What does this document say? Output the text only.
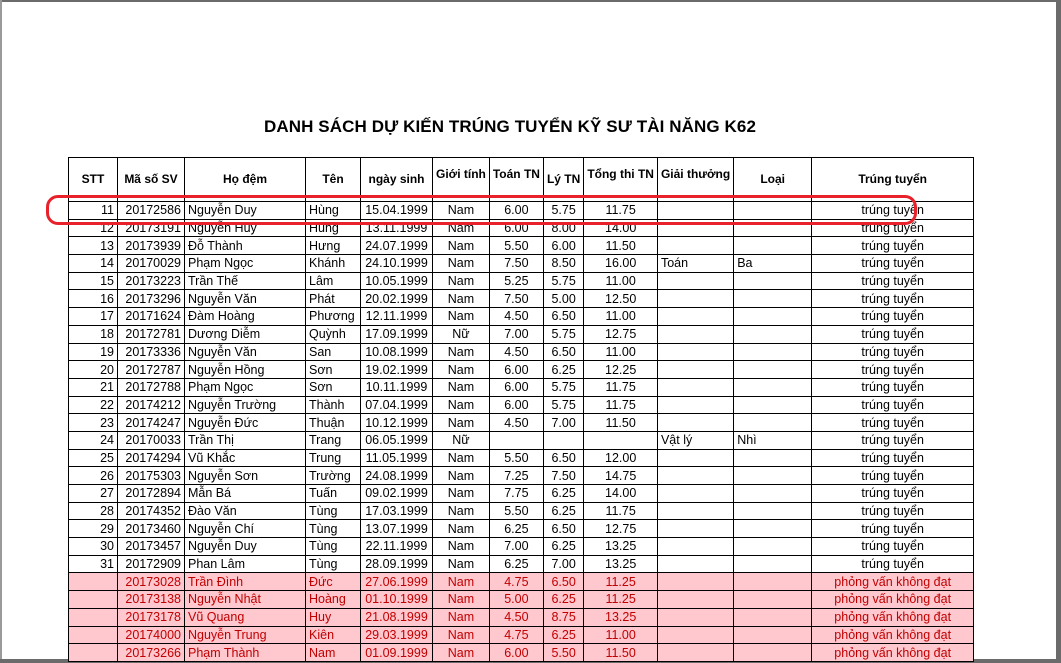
DANH SÁCH DỰ KIẾN TRÚNG TUYỂN KỸ SƯ TÀI NĂNG K62
STT	Mã số SV	Họ đệm	Tên	ngày sinh	Giới tính	Toán TN	Lý TN	Tổng thi TN	Giải thưởng	Loại	Trúng tuyển
11	20172586	Nguyễn Duy	Hùng	15.04.1999	Nam	6.00	5.75	11.75			trúng tuyển
12	20173191	Nguyễn Huy	Hùng	13.11.1999	Nam	6.00	8.00	14.00			trúng tuyển
13	20173939	Đỗ Thành	Hưng	24.07.1999	Nam	5.50	6.00	11.50			trúng tuyển
14	20170029	Phạm Ngọc	Khánh	24.10.1999	Nam	7.50	8.50	16.00	Toán	Ba	trúng tuyển
15	20173223	Trần Thế	Lâm	10.05.1999	Nam	5.25	5.75	11.00			trúng tuyển
16	20173296	Nguyễn Văn	Phát	20.02.1999	Nam	7.50	5.00	12.50			trúng tuyển
17	20171624	Đàm Hoàng	Phương	12.11.1999	Nam	4.50	6.50	11.00			trúng tuyển
18	20172781	Dương Diễm	Quỳnh	17.09.1999	Nữ	7.00	5.75	12.75			trúng tuyển
19	20173336	Nguyễn Văn	San	10.08.1999	Nam	4.50	6.50	11.00			trúng tuyển
20	20172787	Nguyễn Hồng	Sơn	19.02.1999	Nam	6.00	6.25	12.25			trúng tuyển
21	20172788	Phạm Ngọc	Sơn	10.11.1999	Nam	6.00	5.75	11.75			trúng tuyển
22	20174212	Nguyễn Trường	Thành	07.04.1999	Nam	6.00	5.75	11.75			trúng tuyển
23	20174247	Nguyễn Đức	Thuận	10.12.1999	Nam	4.50	7.00	11.50			trúng tuyển
24	20170033	Trần Thị	Trang	06.05.1999	Nữ				Vật lý	Nhì	trúng tuyển
25	20174294	Vũ Khắc	Trung	11.05.1999	Nam	5.50	6.50	12.00			trúng tuyển
26	20175303	Nguyễn Sơn	Trường	24.08.1999	Nam	7.25	7.50	14.75			trúng tuyển
27	20172894	Mẫn Bá	Tuấn	09.02.1999	Nam	7.75	6.25	14.00			trúng tuyển
28	20174352	Đào Văn	Tùng	17.03.1999	Nam	5.50	6.25	11.75			trúng tuyển
29	20173460	Nguyễn Chí	Tùng	13.07.1999	Nam	6.25	6.50	12.75			trúng tuyển
30	20173457	Nguyễn Duy	Tùng	22.11.1999	Nam	7.00	6.25	13.25			trúng tuyển
31	20172909	Phan Lâm	Tùng	28.09.1999	Nam	6.25	7.00	13.25			trúng tuyển
	20173028	Trần Đình	Đức	27.06.1999	Nam	4.75	6.50	11.25			phỏng vấn không đạt
	20173138	Nguyễn Nhật	Hoàng	01.10.1999	Nam	5.00	6.25	11.25			phỏng vấn không đạt
	20173178	Vũ Quang	Huy	21.08.1999	Nam	4.50	8.75	13.25			phỏng vấn không đạt
	20174000	Nguyễn Trung	Kiên	29.03.1999	Nam	4.75	6.25	11.00			phỏng vấn không đạt
	20173266	Phạm Thành	Nam	01.09.1999	Nam	6.00	5.50	11.50			phỏng vấn không đạt
